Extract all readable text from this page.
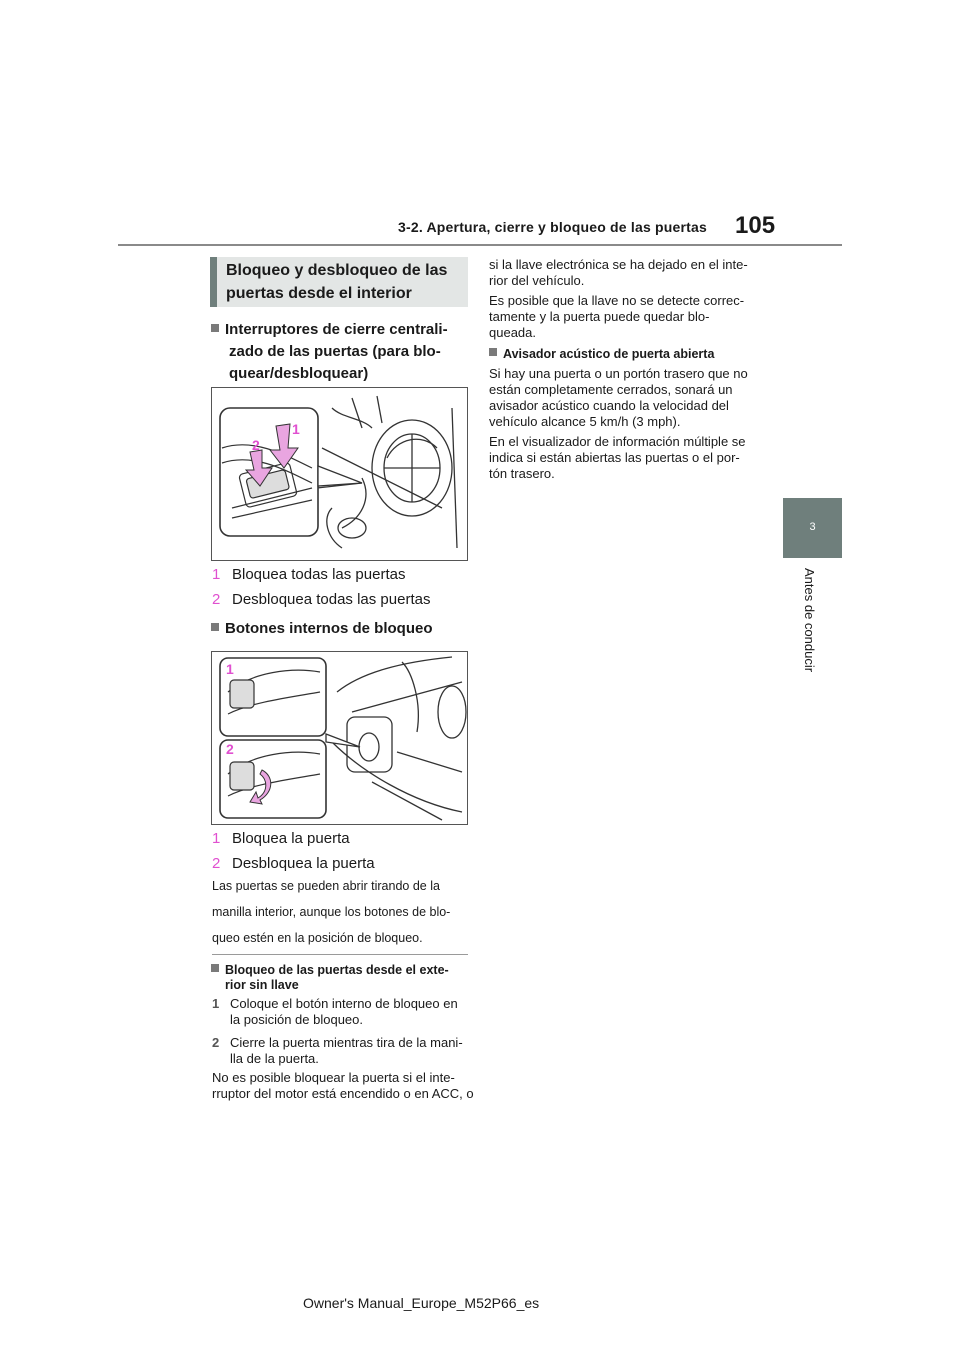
3-2. Apertura, cierre y bloqueo de las puertas 105
3
Antes de conducir
Bloqueo y desbloqueo de las
puertas desde el interior
Interruptores de cierre centrali-
zado de las puertas (para blo-
quear/desbloquear)
1
2
1 Bloquea todas las puertas
2 Desbloquea todas las puertas
Botones internos de bloqueo
1
2
1 Bloquea la puerta
2 Desbloquea la puerta
Las puertas se pueden abrir tirando de la
manilla interior, aunque los botones de blo-
queo estén en la posición de bloqueo.
Bloqueo de las puertas desde el exte-
rior sin llave
1 Coloque el botón interno de bloqueo en
la posición de bloqueo.
2 Cierre la puerta mientras tira de la mani-
lla de la puerta.
No es posible bloquear la puerta si el inte-
rruptor del motor está encendido o en ACC, o
si la llave electrónica se ha dejado en el inte-
rior del vehículo.
Es posible que la llave no se detecte correc-
tamente y la puerta puede quedar blo-
queada.
Avisador acústico de puerta abierta
Si hay una puerta o un portón trasero que no
están completamente cerrados, sonará un
avisador acústico cuando la velocidad del
vehículo alcance 5 km/h (3 mph).
En el visualizador de información múltiple se
indica si están abiertas las puertas o el por-
tón trasero.
Owner's Manual_Europe_M52P66_es
